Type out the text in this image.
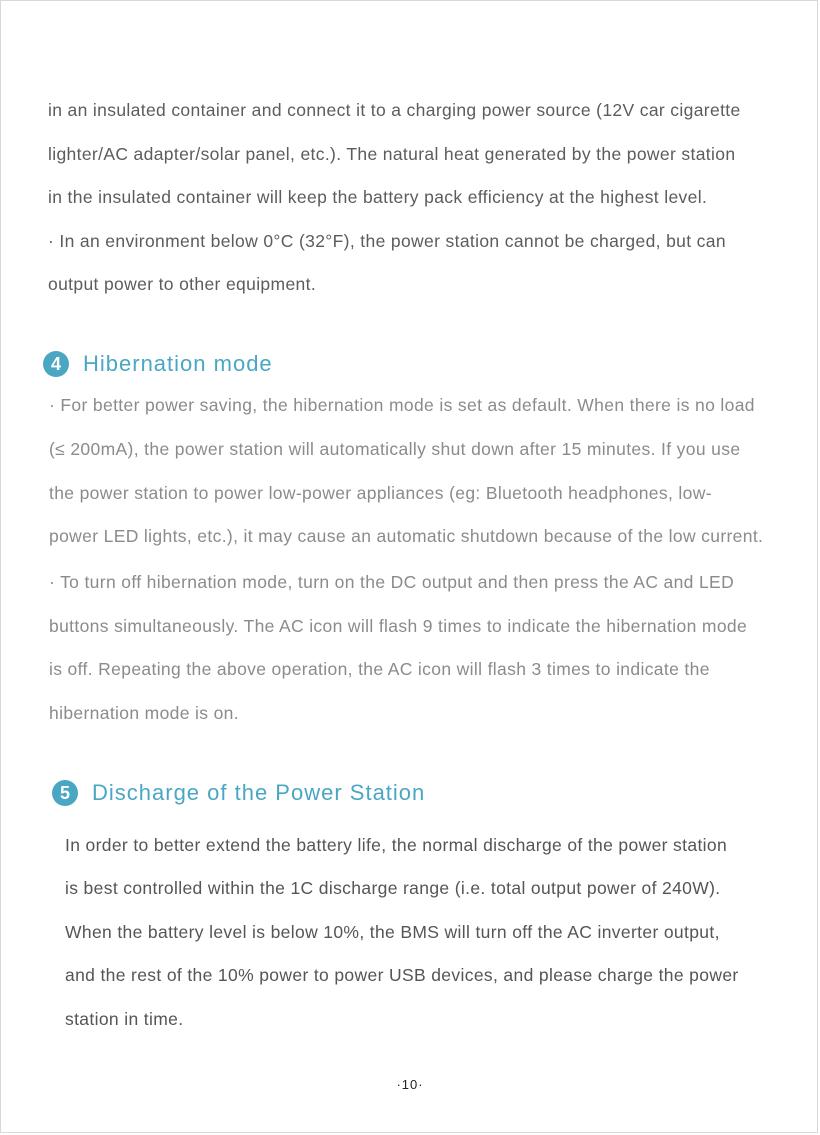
in an insulated container and connect it to a charging power source (12V car cigarette
lighter/AC adapter/solar panel, etc.). The natural heat generated by the power station
in the insulated container will keep the battery pack efficiency at the highest level.
· In an environment below 0°C (32°F), the power station cannot be charged, but can
output power to other equipment.
4	Hibernation mode
· For better power saving, the hibernation mode is set as default. When there is no load
(≤ 200mA), the power station will automatically shut down after 15 minutes. If you use
the power station to power low-power appliances (eg: Bluetooth headphones, low-
power LED lights, etc.), it may cause an automatic shutdown because of the low current.
· To turn off hibernation mode, turn on the DC output and then press the AC and LED
buttons simultaneously. The AC icon will flash 9 times to indicate the hibernation mode
is off. Repeating the above operation, the AC icon will flash 3 times to indicate the
hibernation mode is on.
5	Discharge of the Power Station
In order to better extend the battery life, the normal discharge of the power station
is best controlled within the 1C discharge range (i.e. total output power of 240W).
When the battery level is below 10%, the BMS will turn off the AC inverter output,
and the rest of the 10% power to power USB devices, and please charge the power
station in time.
·10·
